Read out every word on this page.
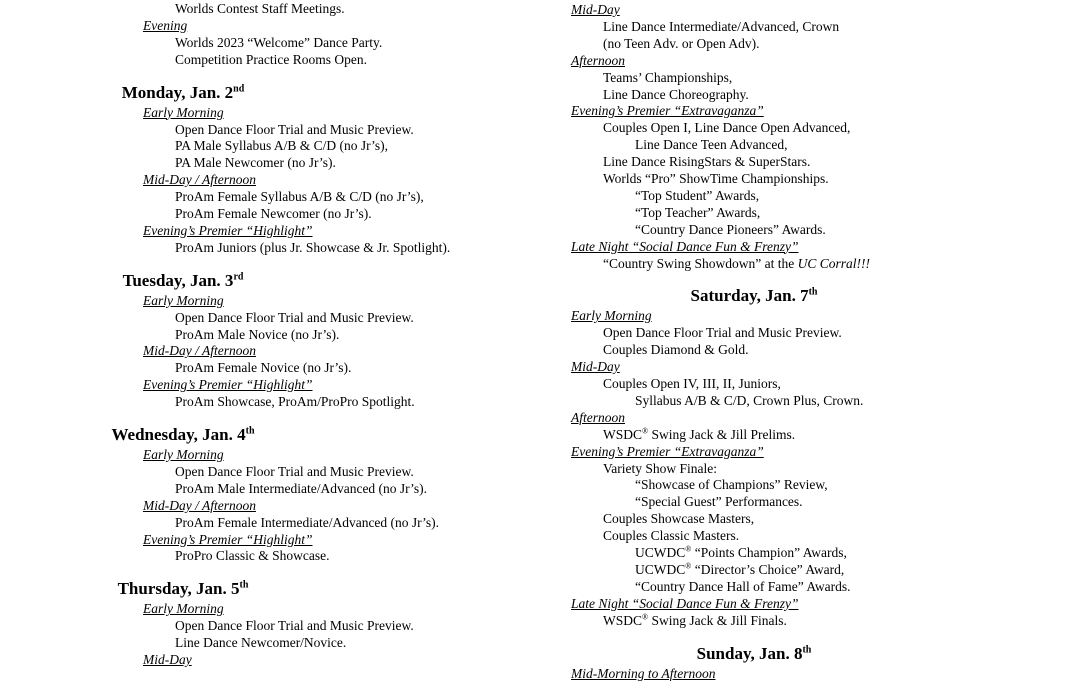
Worlds Contest Staff Meetings.
Evening
Worlds 2023 “Welcome” Dance Party.
Competition Practice Rooms Open.
Monday, Jan. 2nd
Early Morning
Open Dance Floor Trial and Music Preview.
PA Male Syllabus A/B & C/D (no Jr’s),
PA Male Newcomer (no Jr’s).
Mid-Day / Afternoon
ProAm Female Syllabus A/B & C/D (no Jr’s),
ProAm Female Newcomer (no Jr’s).
Evening’s Premier “Highlight”
ProAm Juniors (plus Jr. Showcase & Jr. Spotlight).
Tuesday, Jan. 3rd
Early Morning
Open Dance Floor Trial and Music Preview.
ProAm Male Novice (no Jr’s).
Mid-Day / Afternoon
ProAm Female Novice (no Jr’s).
Evening’s Premier “Highlight”
ProAm Showcase, ProAm/ProPro Spotlight.
Wednesday, Jan. 4th
Early Morning
Open Dance Floor Trial and Music Preview.
ProAm Male Intermediate/Advanced (no Jr’s).
Mid-Day / Afternoon
ProAm Female Intermediate/Advanced (no Jr’s).
Evening’s Premier “Highlight”
ProPro Classic & Showcase.
Thursday, Jan. 5th
Early Morning
Open Dance Floor Trial and Music Preview.
Line Dance Newcomer/Novice.
Mid-Day
Mid-Day
Line Dance Intermediate/Advanced, Crown
(no Teen Adv. or Open Adv).
Afternoon
Teams’ Championships,
Line Dance Choreography.
Evening’s Premier “Extravaganza”
Couples Open I, Line Dance Open Advanced,
Line Dance Teen Advanced,
Line Dance RisingStars & SuperStars.
Worlds “Pro” ShowTime Championships.
“Top Student” Awards,
“Top Teacher” Awards,
“Country Dance Pioneers” Awards.
Late Night “Social Dance Fun & Frenzy”
“Country Swing Showdown” at the UC Corral!!!
Saturday, Jan. 7th
Early Morning
Open Dance Floor Trial and Music Preview.
Couples Diamond & Gold.
Mid-Day
Couples Open IV, III, II, Juniors,
Syllabus A/B & C/D, Crown Plus, Crown.
Afternoon
WSDC® Swing Jack & Jill Prelims.
Evening’s Premier “Extravaganza”
Variety Show Finale:
“Showcase of Champions” Review,
“Special Guest” Performances.
Couples Showcase Masters,
Couples Classic Masters.
UCWDC® “Points Champion” Awards,
UCWDC® “Director’s Choice” Award,
“Country Dance Hall of Fame” Awards.
Late Night “Social Dance Fun & Frenzy”
WSDC® Swing Jack & Jill Finals.
Sunday, Jan. 8th
Mid-Morning to Afternoon
